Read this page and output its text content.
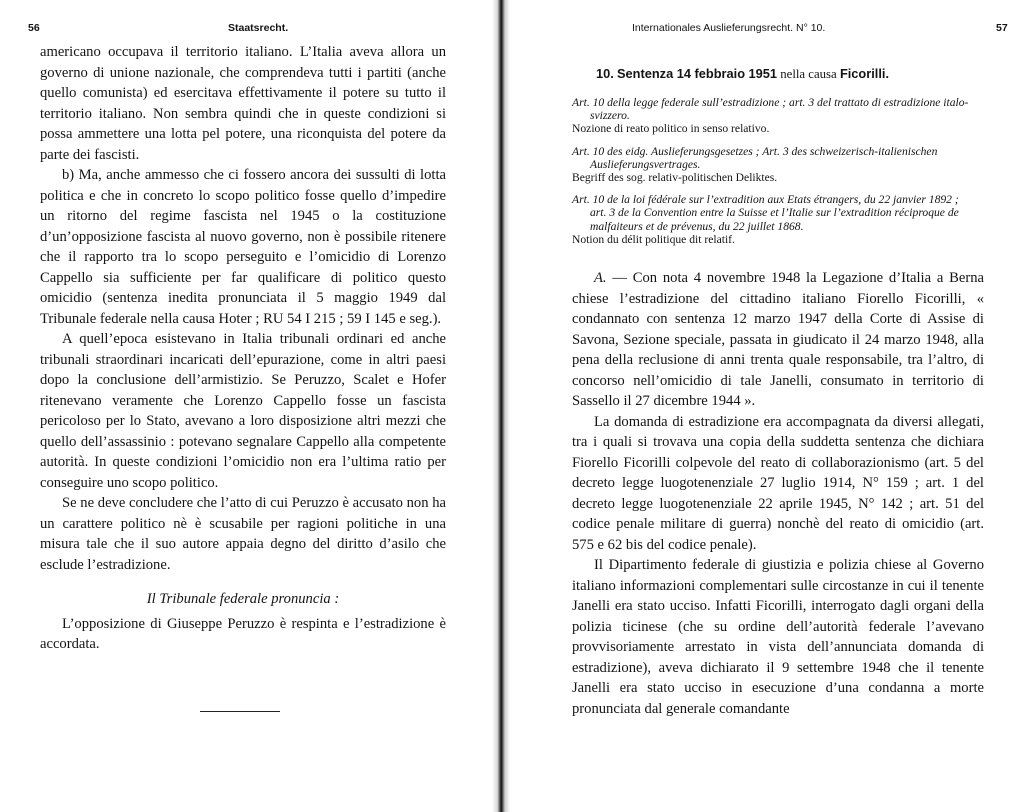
56	Staatsrecht.

americano occupava il territorio italiano. L’Italia aveva allora un governo di unione nazionale, che comprendeva tutti i partiti (anche quello comunista) ed esercitava effettivamente il potere su tutto il territorio italiano. Non sembra quindi che in queste condizioni si possa ammettere una lotta pel potere, una riconquista del potere da parte dei fascisti.

b) Ma, anche ammesso che ci fossero ancora dei sussulti di lotta politica e che in concreto lo scopo politico fosse quello d’impedire un ritorno del regime fascista nel 1945 o la costituzione d’un’opposizione fascista al nuovo governo, non è possibile ritenere che il rapporto tra lo scopo perseguito e l’omicidio di Lorenzo Cappello sia sufficiente per far qualificare di politico questo omicidio (sentenza inedita pronunciata il 5 maggio 1949 dal Tribunale federale nella causa Hoter ; RU 54 I 215 ; 59 I 145 e seg.).

A quell’epoca esistevano in Italia tribunali ordinari ed anche tribunali straordinari incaricati dell’epurazione, come in altri paesi dopo la conclusione dell’armistizio. Se Peruzzo, Scalet e Hofer ritenevano veramente che Lorenzo Cappello fosse un fascista pericoloso per lo Stato, avevano a loro disposizione altri mezzi che quello dell’assassinio : potevano segnalare Cappello alla competente autorità. In queste condizioni l’omicidio non era l’ultima ratio per conseguire uno scopo politico.

Se ne deve concludere che l’atto di cui Peruzzo è accusato non ha un carattere politico nè è scusabile per ragioni politiche in una misura tale che il suo autore appaia degno del diritto d’asilo che esclude l’estradizione.

Il Tribunale federale pronuncia :

L’opposizione di Giuseppe Peruzzo è respinta e l’estradizione è accordata.

Internationales Auslieferungsrecht. N° 10.	57
10. Sentenza 14 febbraio 1951 nella causa Ficorilli.

Art. 10 della legge federale sull’estradizione ; art. 3 del trattato di estradizione italo-svizzero.

Nozione di reato politico in senso relativo.

Art. 10 des eidg. Auslieferungsgesetzes ; Art. 3 des schweizerisch-italienischen Auslieferungsvertrages.

Begriff des sog. relativ-politischen Deliktes.

Art. 10 de la loi fédérale sur l’extradition aux Etats étrangers, du 22 janvier 1892 ; art. 3 de la Convention entre la Suisse et l’Italie sur l’extradition réciproque de malfaiteurs et de prévenus, du 22 juillet 1868.

Notion du délit politique dit relatif.

A. — Con nota 4 novembre 1948 la Legazione d’Italia a Berna chiese l’estradizione del cittadino italiano Fiorello Ficorilli, « condannato con sentenza 12 marzo 1947 della Corte di Assise di Savona, Sezione speciale, passata in giudicato il 24 marzo 1948, alla pena della reclusione di anni trenta quale responsabile, tra l’altro, di concorso nell’omicidio di tale Janelli, consumato in territorio di Sassello il 27 dicembre 1944 ».

La domanda di estradizione era accompagnata da diversi allegati, tra i quali si trovava una copia della suddetta sentenza che dichiara Fiorello Ficorilli colpevole del reato di collaborazionismo (art. 5 del decreto legge luogotenenziale 27 luglio 1914, N° 159 ; art. 1 del decreto legge luogotenenziale 22 aprile 1945, N° 142 ; art. 51 del codice penale militare di guerra) nonchè del reato di omicidio (art. 575 e 62 bis del codice penale).

Il Dipartimento federale di giustizia e polizia chiese al Governo italiano informazioni complementari sulle circostanze in cui il tenente Janelli era stato ucciso. Infatti Ficorilli, interrogato dagli organi della polizia ticinese (che su ordine dell’autorità federale l’avevano provvisoriamente arrestato in vista dell’annunciata domanda di estradizione), aveva dichiarato il 9 settembre 1948 che il tenente Janelli era stato ucciso in esecuzione d’una condanna a morte pronunciata dal generale comandante
